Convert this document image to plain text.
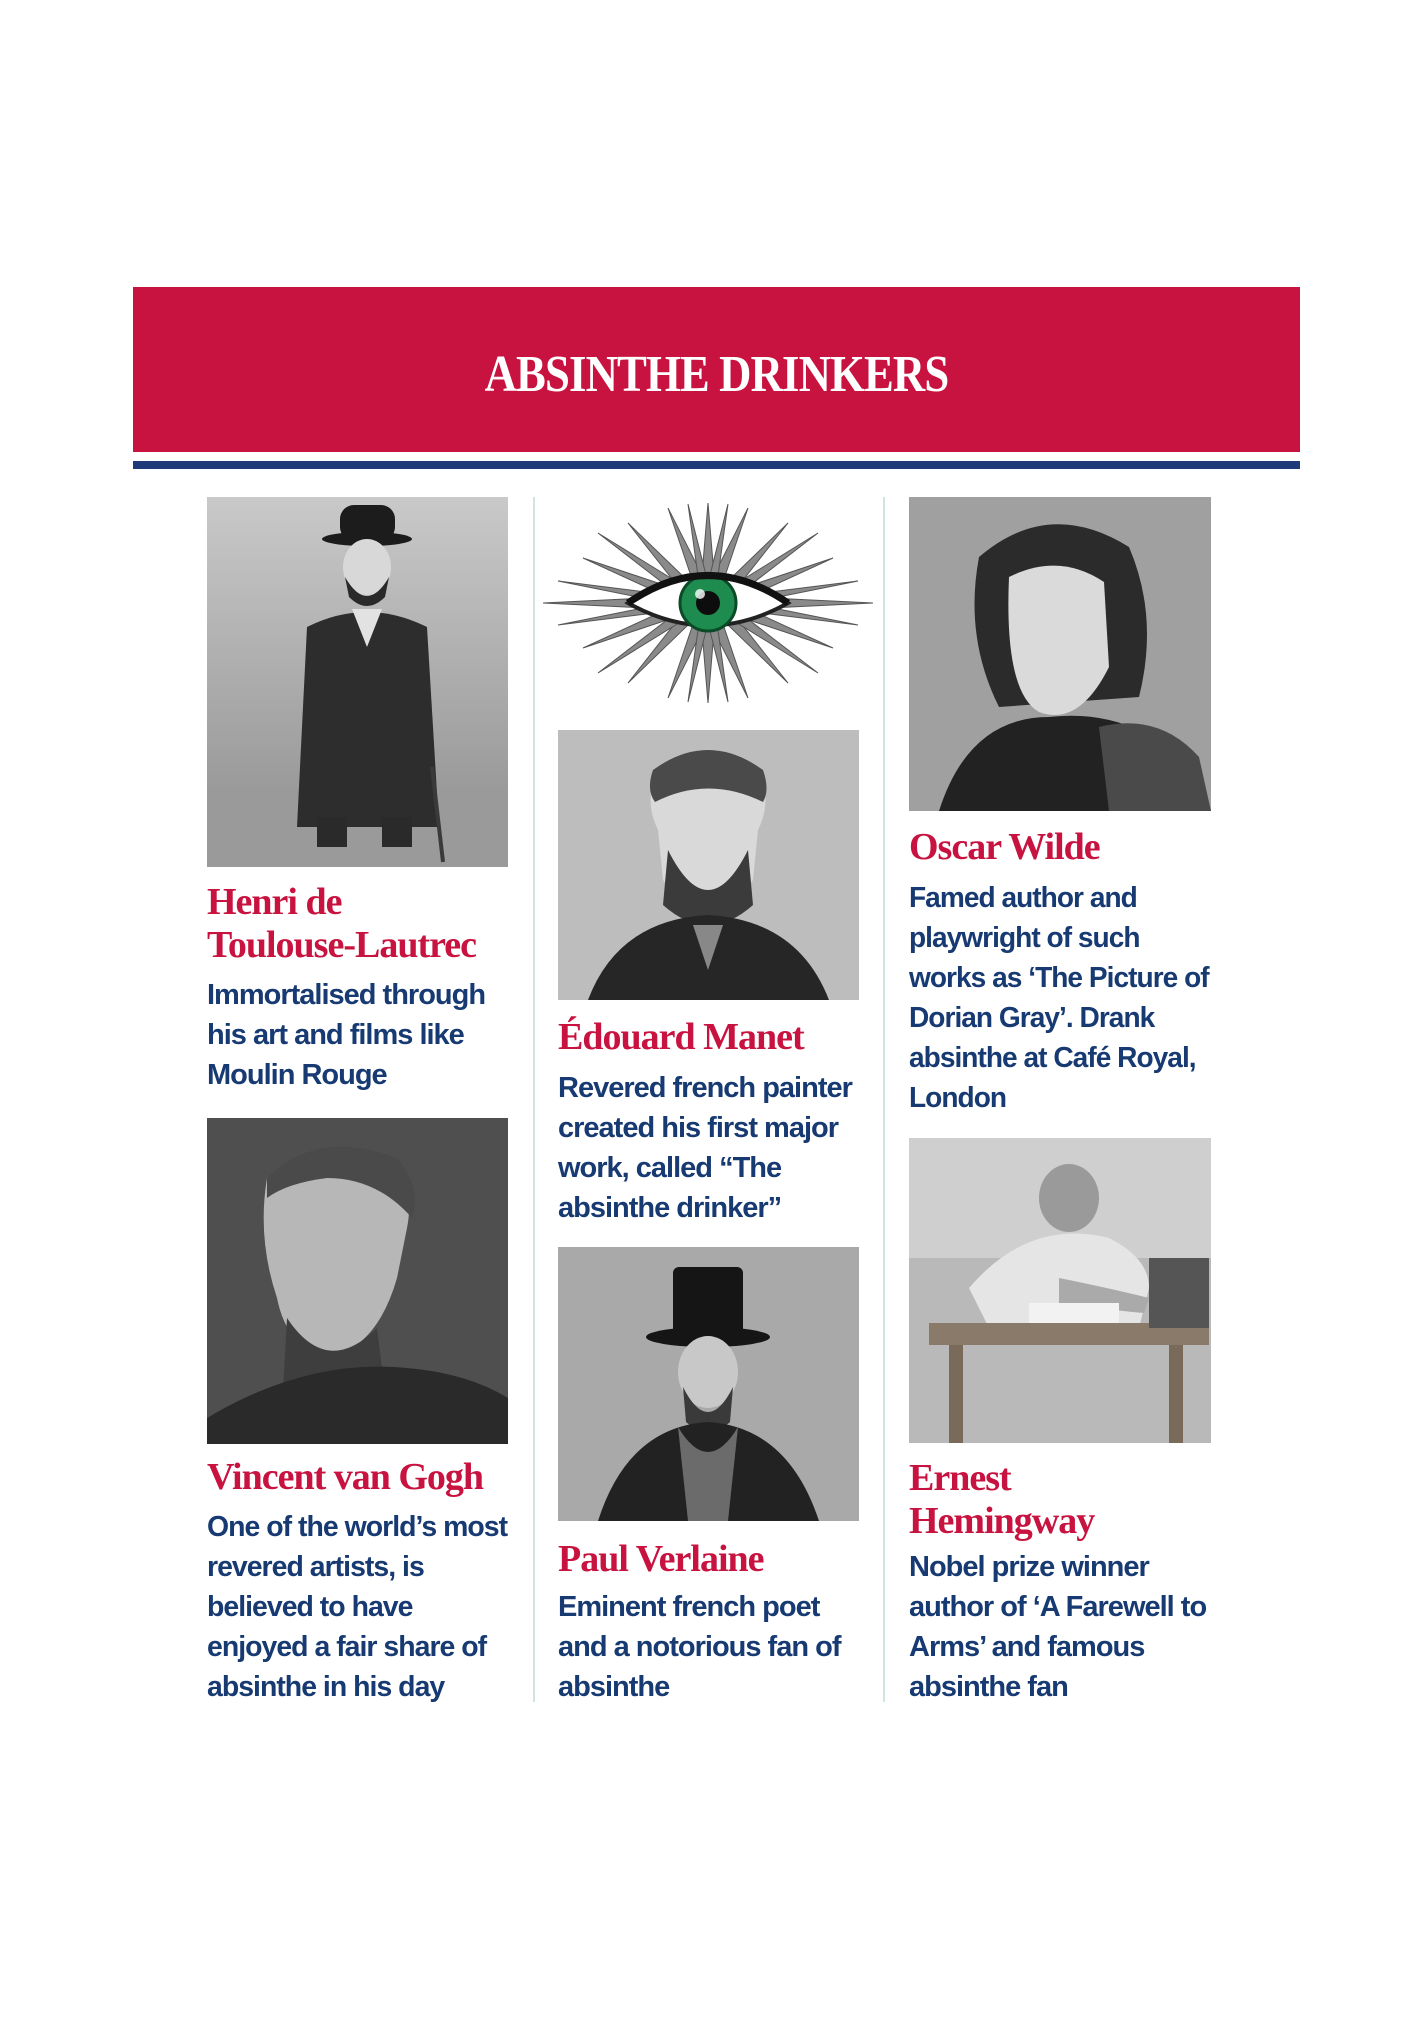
ABSINTHE DRINKERS
Henri de
Toulouse-Lautrec
Immortalised through
his art and films like
Moulin Rouge
Vincent van Gogh
One of the world’s most
revered artists, is
believed to have
enjoyed a fair share of
absinthe in his day
Édouard Manet
Revered french painter
created his first major
work, called “The
absinthe drinker”
Paul Verlaine
Eminent french poet
and a notorious fan of
absinthe
Oscar Wilde
Famed author and
playwright of such
works as ‘The Picture of
Dorian Gray’. Drank
absinthe at Café Royal,
London
Ernest
Hemingway
Nobel prize winner
author of ‘A Farewell to
Arms’ and famous
absinthe fan
